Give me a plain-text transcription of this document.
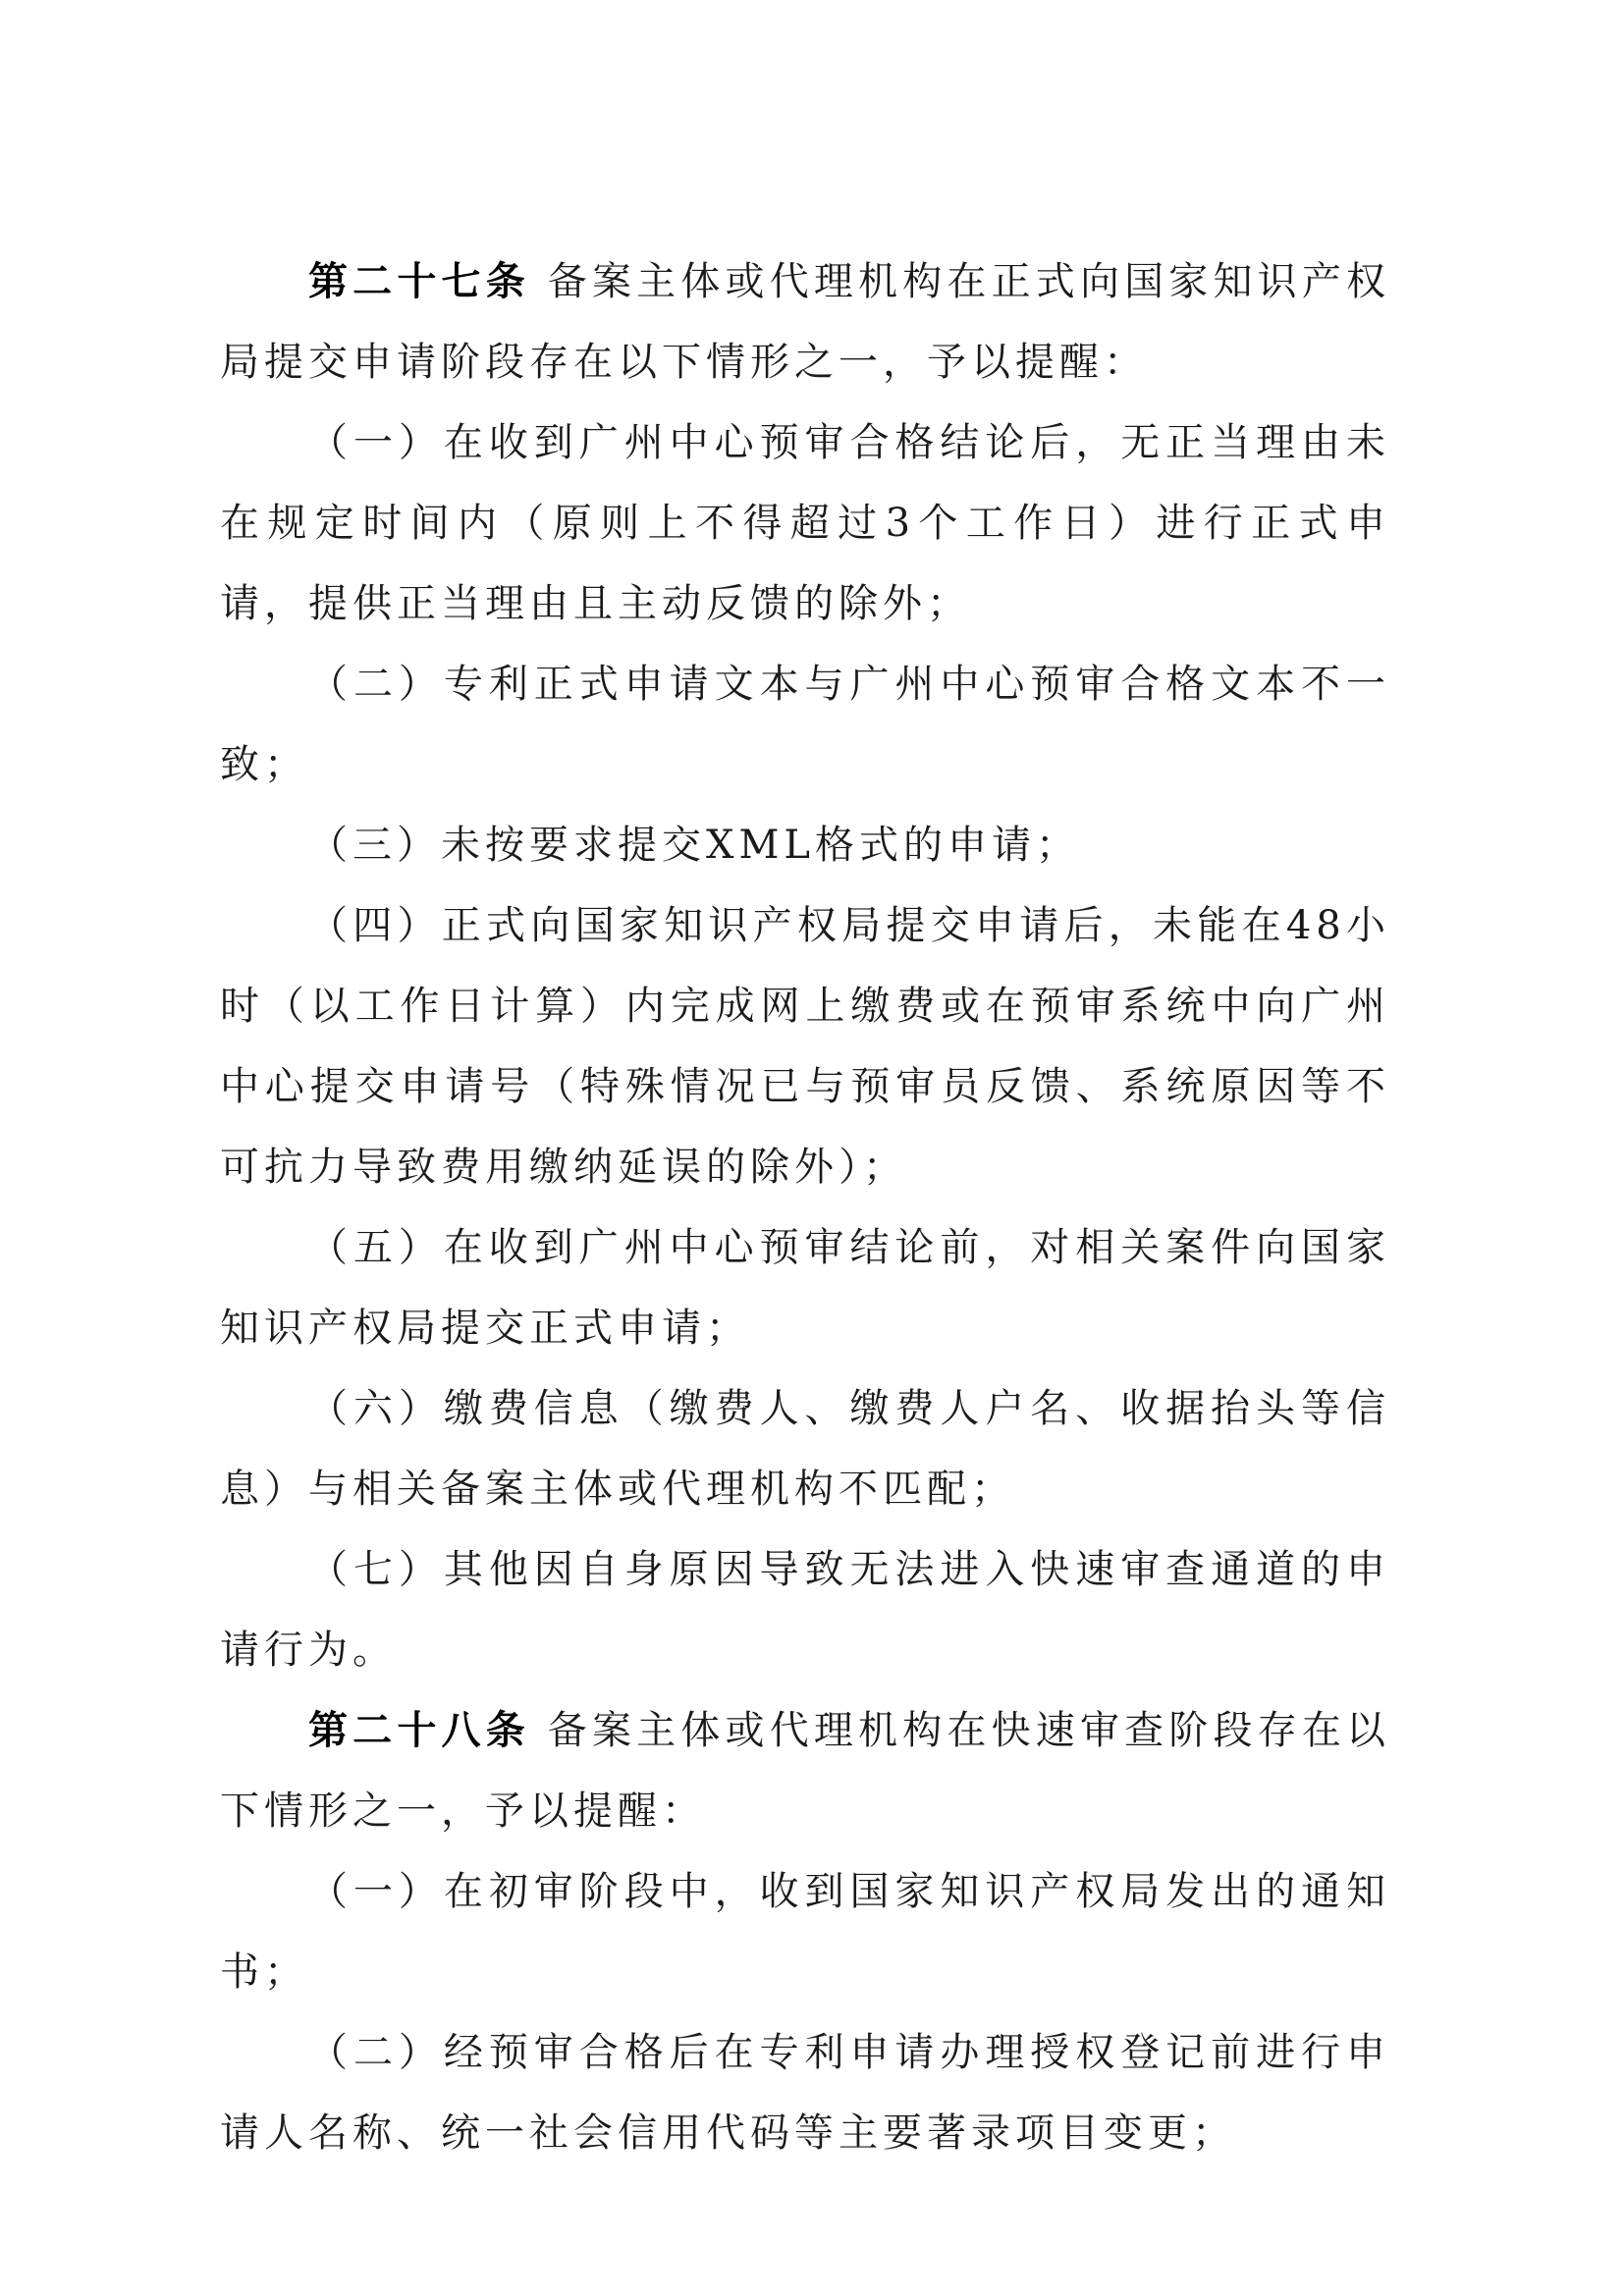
第二十七条 备案主体或代理机构在正式向国家知识产权局提交申请阶段存在以下情形之一，予以提醒：

（一）在收到广州中心预审合格结论后，无正当理由未在规定时间内（原则上不得超过3个工作日）进行正式申请，提供正当理由且主动反馈的除外；

（二）专利正式申请文本与广州中心预审合格文本不一致；

（三）未按要求提交XML格式的申请；

（四）正式向国家知识产权局提交申请后，未能在48小时（以工作日计算）内完成网上缴费或在预审系统中向广州中心提交申请号（特殊情况已与预审员反馈、系统原因等不可抗力导致费用缴纳延误的除外）；

（五）在收到广州中心预审结论前，对相关案件向国家知识产权局提交正式申请；

（六）缴费信息（缴费人、缴费人户名、收据抬头等信息）与相关备案主体或代理机构不匹配；

（七）其他因自身原因导致无法进入快速审查通道的申请行为。

第二十八条 备案主体或代理机构在快速审查阶段存在以下情形之一，予以提醒：

（一）在初审阶段中，收到国家知识产权局发出的通知书；

（二）经预审合格后在专利申请办理授权登记前进行申请人名称、统一社会信用代码等主要著录项目变更；
